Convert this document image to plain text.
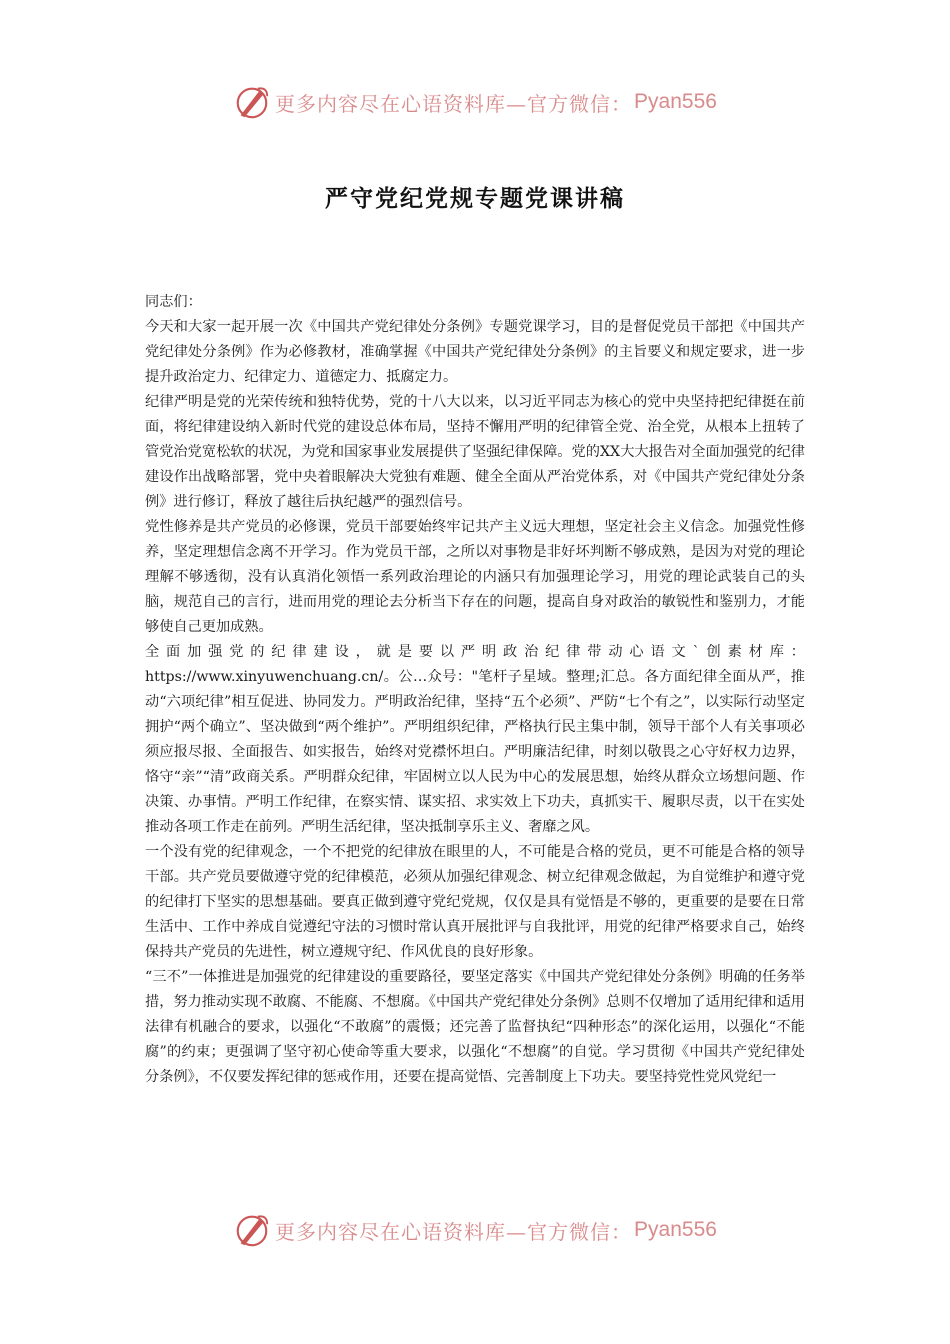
更多内容尽在心语资料库—官方微信： Pyan556
严守党纪党规专题党课讲稿

同志们：

今天和大家一起开展一次《中国共产党纪律处分条例》专题党课学习，目的是督促党员干部把《中国共产党纪律处分条例》作为必修教材，准确掌握《中国共产党纪律处分条例》的主旨要义和规定要求，进一步提升政治定力、纪律定力、道德定力、抵腐定力。

纪律严明是党的光荣传统和独特优势，党的十八大以来，以习近平同志为核心的党中央坚持把纪律挺在前面，将纪律建设纳入新时代党的建设总体布局，坚持不懈用严明的纪律管全党、治全党，从根本上扭转了管党治党宽松软的状况，为党和国家事业发展提供了坚强纪律保障。党的XX大大报告对全面加强党的纪律建设作出战略部署，党中央着眼解决大党独有难题、健全全面从严治党体系，对《中国共产党纪律处分条例》进行修订，释放了越往后执纪越严的强烈信号。

党性修养是共产党员的必修课，党员干部要始终牢记共产主义远大理想，坚定社会主义信念。加强党性修养，坚定理想信念离不开学习。作为党员干部，之所以对事物是非好坏判断不够成熟，是因为对党的理论理解不够透彻，没有认真消化领悟一系列政治理论的内涵只有加强理论学习，用党的理论武装自己的头脑，规范自己的言行，进而用党的理论去分析当下存在的问题，提高自身对政治的敏锐性和鉴别力，才能够使自己更加成熟。

全面加强党的纪律建设，就是要以严明政治纪律带动心语文`创素材库：https://www.xinyuwenchuang.cn/。公…众号："笔杆子星域。整理;汇总。各方面纪律全面从严，推动“六项纪律”相互促进、协同发力。严明政治纪律，坚持“五个必须”、严防“七个有之”，以实际行动坚定拥护“两个确立”、坚决做到“两个维护”。严明组织纪律，严格执行民主集中制，领导干部个人有关事项必须应报尽报、全面报告、如实报告，始终对党襟怀坦白。严明廉洁纪律，时刻以敬畏之心守好权力边界，恪守“亲”“清”政商关系。严明群众纪律，牢固树立以人民为中心的发展思想，始终从群众立场想问题、作决策、办事情。严明工作纪律，在察实情、谋实招、求实效上下功夫，真抓实干、履职尽责，以干在实处推动各项工作走在前列。严明生活纪律，坚决抵制享乐主义、奢靡之风。

一个没有党的纪律观念，一个不把党的纪律放在眼里的人，不可能是合格的党员，更不可能是合格的领导干部。共产党员要做遵守党的纪律模范，必须从加强纪律观念、树立纪律观念做起，为自觉维护和遵守党的纪律打下坚实的思想基础。要真正做到遵守党纪党规，仅仅是具有觉悟是不够的，更重要的是要在日常生活中、工作中养成自觉遵纪守法的习惯时常认真开展批评与自我批评，用党的纪律严格要求自己，始终保持共产党员的先进性，树立遵规守纪、作风优良的良好形象。

“三不”一体推进是加强党的纪律建设的重要路径，要坚定落实《中国共产党纪律处分条例》明确的任务举措，努力推动实现不敢腐、不能腐、不想腐。《中国共产党纪律处分条例》总则不仅增加了适用纪律和适用法律有机融合的要求，以强化“不敢腐”的震慑；还完善了监督执纪“四种形态”的深化运用，以强化“不能腐”的约束；更强调了坚守初心使命等重大要求，以强化“不想腐”的自觉。学习贯彻《中国共产党纪律处分条例》，不仅要发挥纪律的惩戒作用，还要在提高觉悟、完善制度上下功夫。要坚持党性党风党纪一

更多内容尽在心语资料库—官方微信： Pyan556
